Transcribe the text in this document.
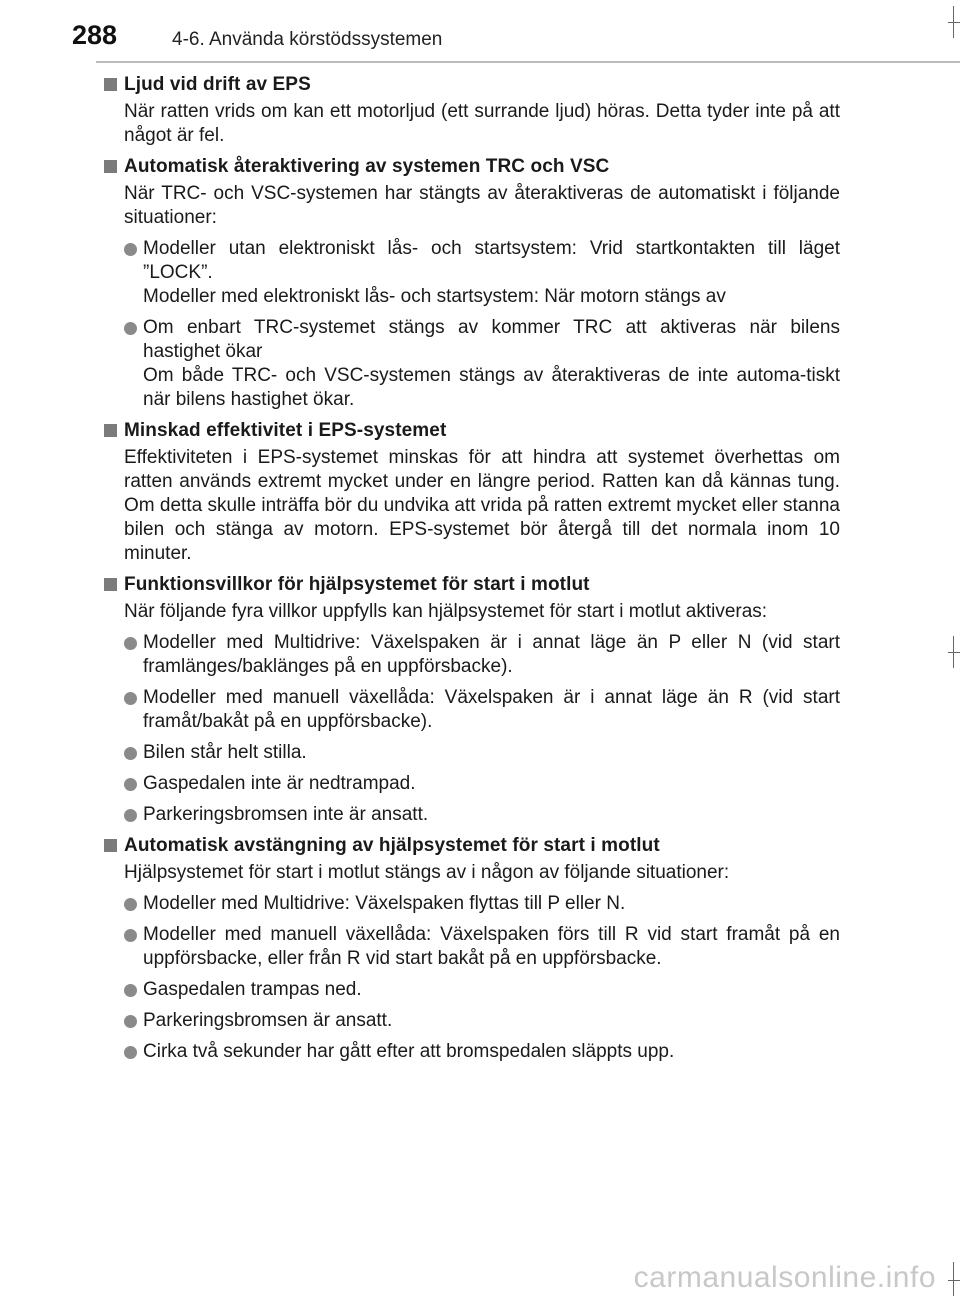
288	4-6. Använda körstödssystemen
Ljud vid drift av EPS
När ratten vrids om kan ett motorljud (ett surrande ljud) höras. Detta tyder inte på att något är fel.
Automatisk återaktivering av systemen TRC och VSC
När TRC- och VSC-systemen har stängts av återaktiveras de automatiskt i följande situationer:
Modeller utan elektroniskt lås- och startsystem: Vrid startkontakten till läget ”LOCK”.
Modeller med elektroniskt lås- och startsystem: När motorn stängs av
Om enbart TRC-systemet stängs av kommer TRC att aktiveras när bilens hastighet ökar
Om både TRC- och VSC-systemen stängs av återaktiveras de inte automa-tiskt när bilens hastighet ökar.
Minskad effektivitet i EPS-systemet
Effektiviteten i EPS-systemet minskas för att hindra att systemet överhettas om ratten används extremt mycket under en längre period. Ratten kan då kännas tung. Om detta skulle inträffa bör du undvika att vrida på ratten extremt mycket eller stanna bilen och stänga av motorn. EPS-systemet bör återgå till det normala inom 10 minuter.
Funktionsvillkor för hjälpsystemet för start i motlut
När följande fyra villkor uppfylls kan hjälpsystemet för start i motlut aktiveras:
Modeller med Multidrive: Växelspaken är i annat läge än P eller N (vid start framlänges/baklänges på en uppförsbacke).
Modeller med manuell växellåda: Växelspaken är i annat läge än R (vid start framåt/bakåt på en uppförsbacke).
Bilen står helt stilla.
Gaspedalen inte är nedtrampad.
Parkeringsbromsen inte är ansatt.
Automatisk avstängning av hjälpsystemet för start i motlut
Hjälpsystemet för start i motlut stängs av i någon av följande situationer:
Modeller med Multidrive: Växelspaken flyttas till P eller N.
Modeller med manuell växellåda: Växelspaken förs till R vid start framåt på en uppförsbacke, eller från R vid start bakåt på en uppförsbacke.
Gaspedalen trampas ned.
Parkeringsbromsen är ansatt.
Cirka två sekunder har gått efter att bromspedalen släppts upp.
carmanualsonline.info
